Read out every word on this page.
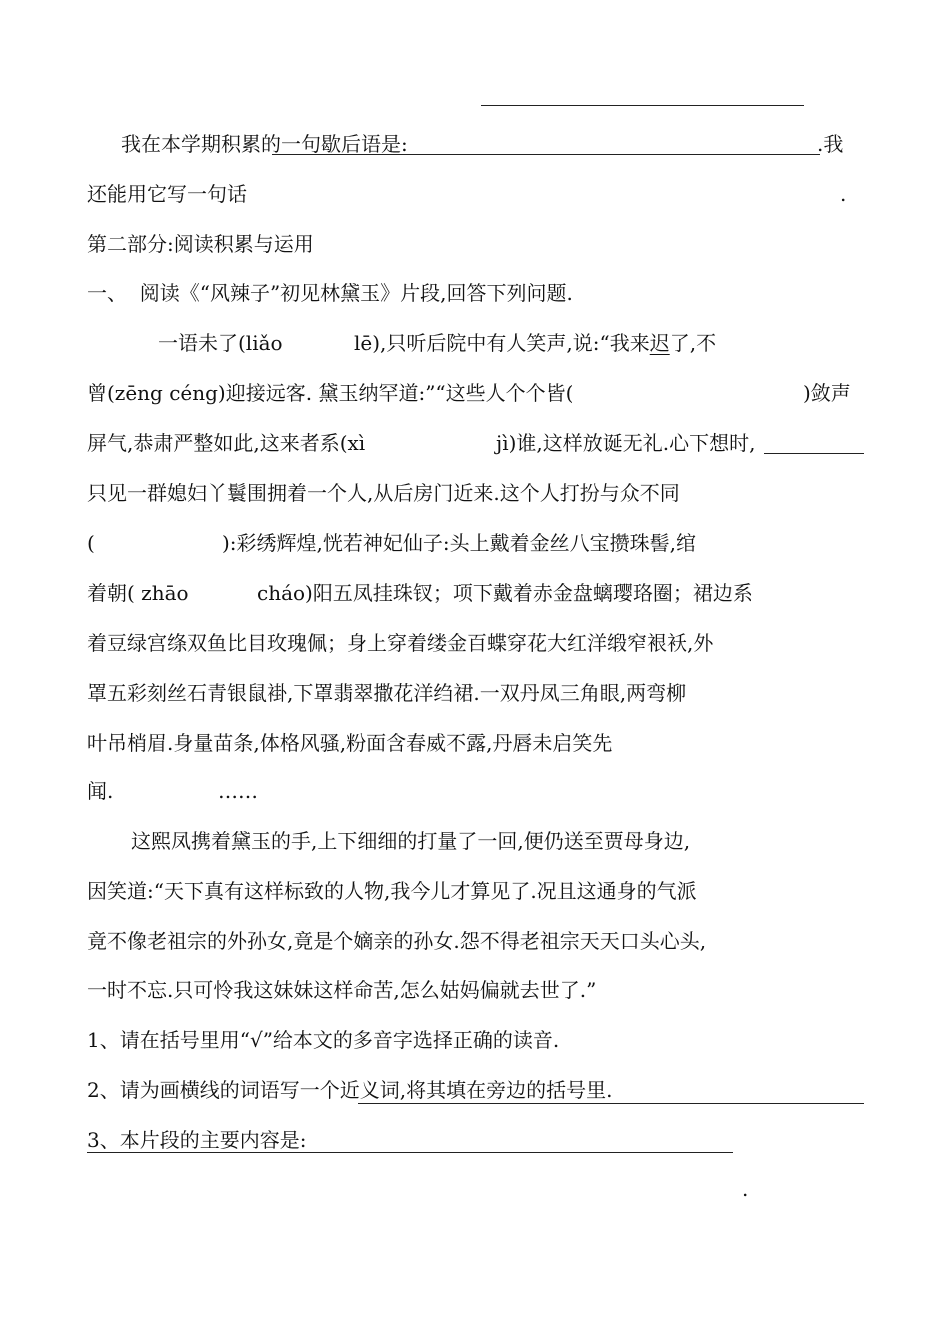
我在本学期积累的一句歇后语是:	.我
还能用它写一句话	.
第二部分:阅读积累与运用
一、  阅读《“风辣子”初见林黛玉》片段,回答下列问题.
一语未了(liǎo	lē),只听后院中有人笑声,说:“我来迟了,不
曾(zēng céng)迎接远客. 黛玉纳罕道:”“这些人个个皆(	)敛声
屏气,恭肃严整如此,这来者系(xì	jì)谁,这样放诞无礼.心下想时,
只见一群媳妇丫鬟围拥着一个人,从后房门近来.这个人打扮与众不同
(	):彩绣辉煌,恍若神妃仙子:头上戴着金丝八宝攒珠髻,绾
着朝( zhāo	cháo)阳五凤挂珠钗；项下戴着赤金盘螭璎珞圈；裙边系
着豆绿宫绦双鱼比目玫瑰佩；身上穿着缕金百蝶穿花大红洋缎窄裉袄,外
罩五彩刻丝石青银鼠褂,下罩翡翠撒花洋绉裙.一双丹凤三角眼,两弯柳
叶吊梢眉.身量苗条,体格风骚,粉面含春威不露,丹唇未启笑先
闻.	……
这熙凤携着黛玉的手,上下细细的打量了一回,便仍送至贾母身边,
因笑道:“天下真有这样标致的人物,我今儿才算见了.况且这通身的气派
竟不像老祖宗的外孙女,竟是个嫡亲的孙女.怨不得老祖宗天天口头心头,
一时不忘.只可怜我这妹妹这样命苦,怎么姑妈偏就去世了.”
1、请在括号里用“√”给本文的多音字选择正确的读音.
2、请为画横线的词语写一个近义词,将其填在旁边的括号里.
3、本片段的主要内容是:
.
